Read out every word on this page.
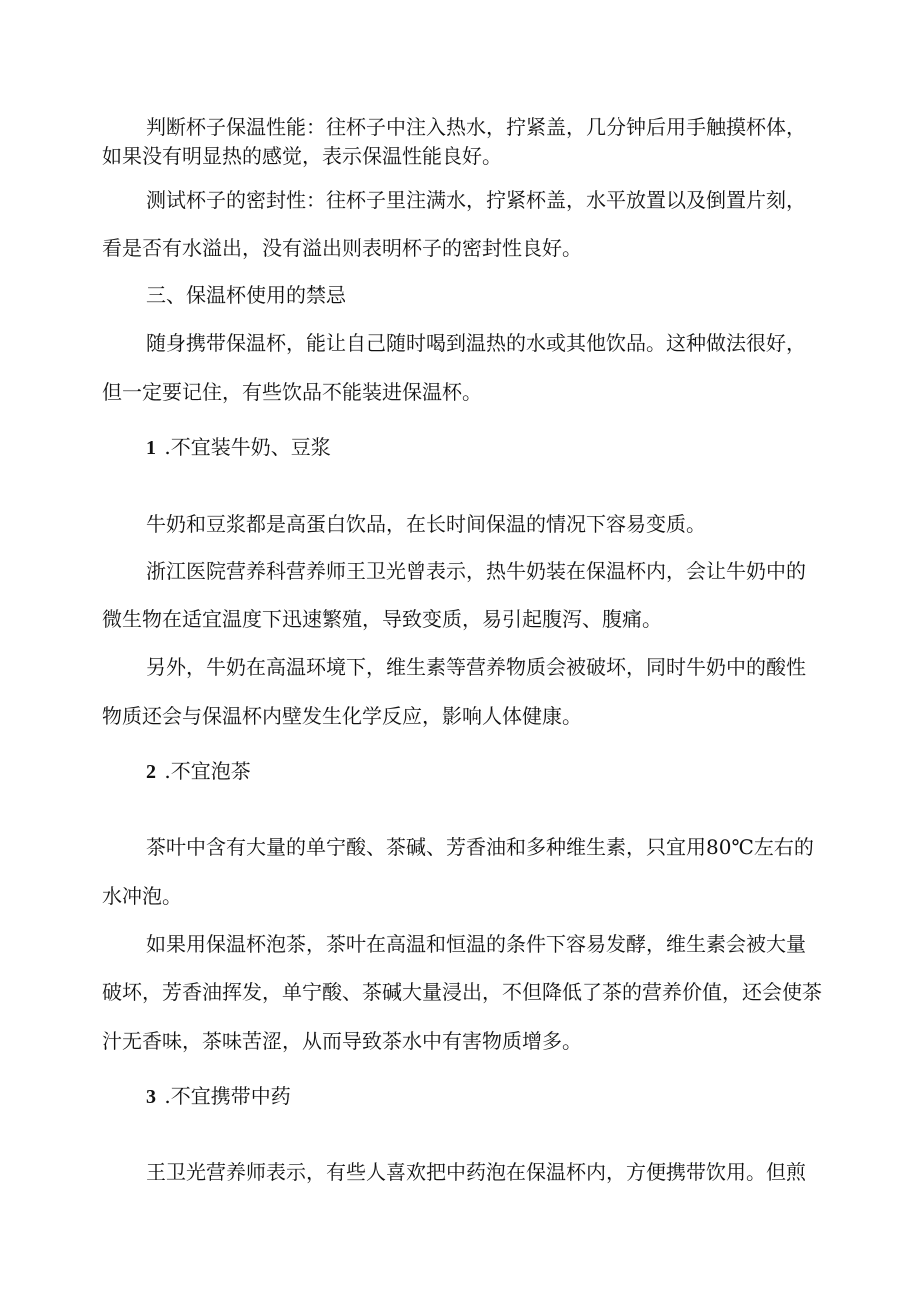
判断杯子保温性能：往杯子中注入热水，拧紧盖，几分钟后用手触摸杯体，
如果没有明显热的感觉，表示保温性能良好。
测试杯子的密封性：往杯子里注满水，拧紧杯盖，水平放置以及倒置片刻，
看是否有水溢出，没有溢出则表明杯子的密封性良好。
三、保温杯使用的禁忌
随身携带保温杯，能让自己随时喝到温热的水或其他饮品。这种做法很好，
但一定要记住，有些饮品不能装进保温杯。
1 .不宜装牛奶、豆浆
牛奶和豆浆都是高蛋白饮品，在长时间保温的情况下容易变质。
浙江医院营养科营养师王卫光曾表示，热牛奶装在保温杯内，会让牛奶中的
微生物在适宜温度下迅速繁殖，导致变质，易引起腹泻、腹痛。
另外，牛奶在高温环境下，维生素等营养物质会被破坏，同时牛奶中的酸性
物质还会与保温杯内壁发生化学反应，影响人体健康。
2 .不宜泡茶
茶叶中含有大量的单宁酸、茶碱、芳香油和多种维生素，只宜用80℃左右的
水冲泡。
如果用保温杯泡茶，茶叶在高温和恒温的条件下容易发酵，维生素会被大量
破坏，芳香油挥发，单宁酸、茶碱大量浸出，不但降低了茶的营养价值，还会使茶
汁无香味，茶味苦涩，从而导致茶水中有害物质增多。
3 .不宜携带中药
王卫光营养师表示，有些人喜欢把中药泡在保温杯内，方便携带饮用。但煎
